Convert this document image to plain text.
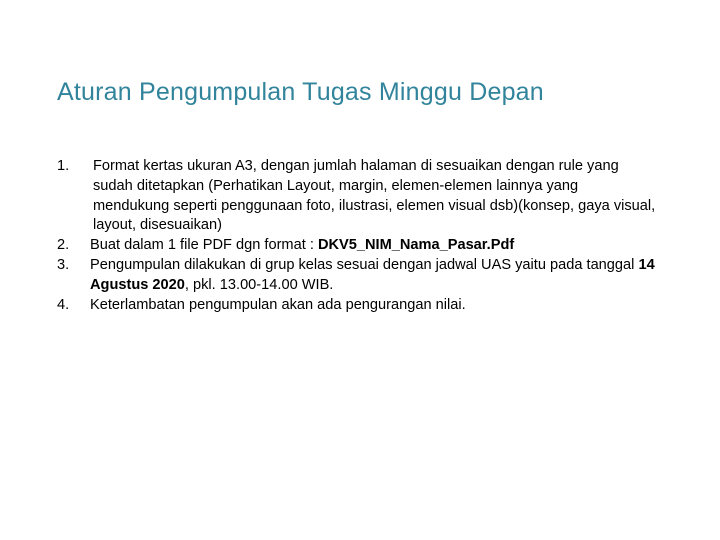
Aturan Pengumpulan Tugas Minggu Depan
1.	Format kertas ukuran A3, dengan jumlah halaman di sesuaikan dengan rule yang sudah ditetapkan (Perhatikan Layout, margin, elemen-elemen lainnya yang mendukung seperti penggunaan foto, ilustrasi, elemen visual dsb)(konsep, gaya visual, layout, disesuaikan)
2.	Buat dalam 1 file PDF dgn format : DKV5_NIM_Nama_Pasar.Pdf
3.	Pengumpulan dilakukan di grup kelas sesuai dengan jadwal UAS yaitu pada tanggal 14 Agustus 2020, pkl. 13.00-14.00 WIB.
4.	Keterlambatan pengumpulan akan ada pengurangan nilai.
